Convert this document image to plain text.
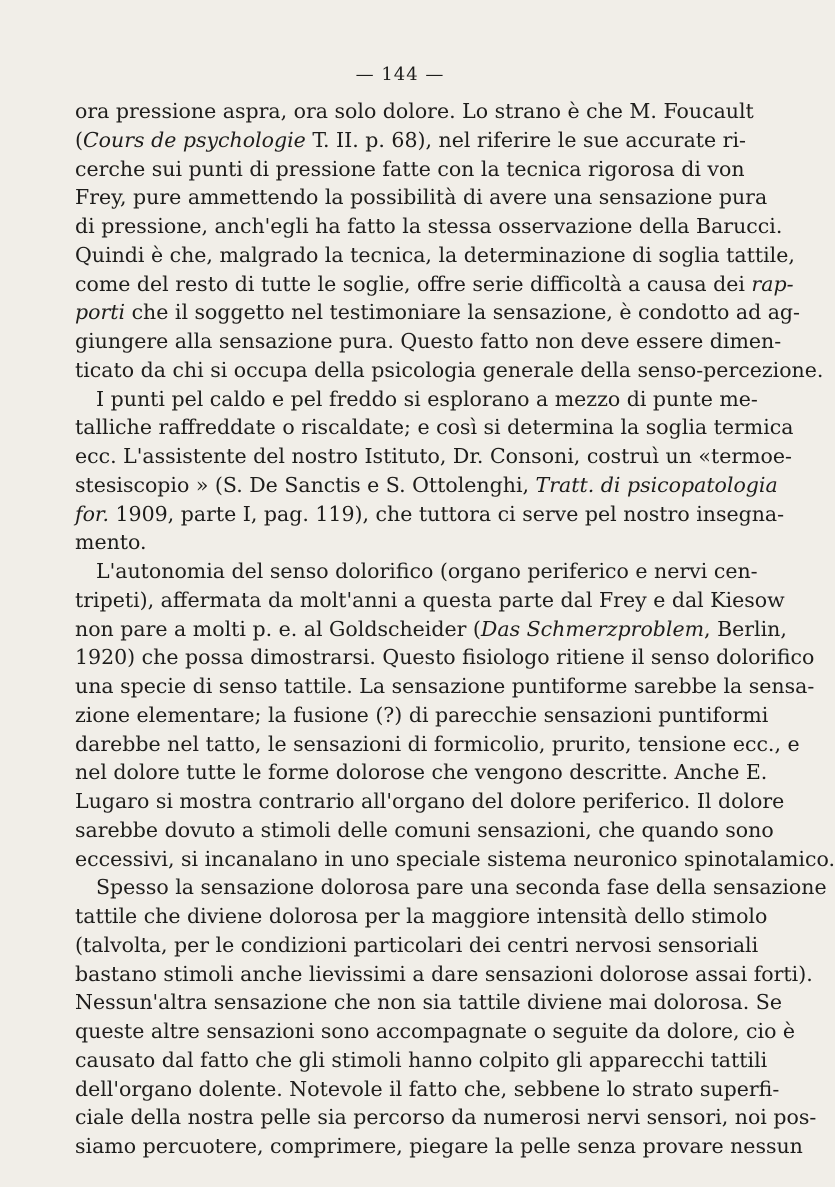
— 144 —
ora pressione aspra, ora solo dolore. Lo strano è che M. Foucault
(Cours de psychologie T. II. p. 68), nel riferire le sue accurate ri-
cerche sui punti di pressione fatte con la tecnica rigorosa di von
Frey, pure ammettendo la possibilità di avere una sensazione pura
di pressione, anch'egli ha fatto la stessa osservazione della Barucci.
Quindi è che, malgrado la tecnica, la determinazione di soglia tattile,
come del resto di tutte le soglie, offre serie difficoltà a causa dei rap-
porti che il soggetto nel testimoniare la sensazione, è condotto ad ag-
giungere alla sensazione pura. Questo fatto non deve essere dimen-
ticato da chi si occupa della psicologia generale della senso-percezione.
I punti pel caldo e pel freddo si esplorano a mezzo di punte me-
talliche raffreddate o riscaldate; e così si determina la soglia termica
ecc. L'assistente del nostro Istituto, Dr. Consoni, costruì un «termoe-
stesiscopio » (S. De Sanctis e S. Ottolenghi, Tratt. di psicopatologia
for. 1909, parte I, pag. 119), che tuttora ci serve pel nostro insegna-
mento.
L'autonomia del senso dolorifico (organo periferico e nervi cen-
tripeti), affermata da molt'anni a questa parte dal Frey e dal Kiesow
non pare a molti p. e. al Goldscheider (Das Schmerzproblem, Berlin,
1920) che possa dimostrarsi. Questo fisiologo ritiene il senso dolorifico
una specie di senso tattile. La sensazione puntiforme sarebbe la sensa-
zione elementare; la fusione (?) di parecchie sensazioni puntiformi
darebbe nel tatto, le sensazioni di formicolio, prurito, tensione ecc., e
nel dolore tutte le forme dolorose che vengono descritte. Anche E.
Lugaro si mostra contrario all'organo del dolore periferico. Il dolore
sarebbe dovuto a stimoli delle comuni sensazioni, che quando sono
eccessivi, si incanalano in uno speciale sistema neuronico spinotalamico.
Spesso la sensazione dolorosa pare una seconda fase della sensazione
tattile che diviene dolorosa per la maggiore intensità dello stimolo
(talvolta, per le condizioni particolari dei centri nervosi sensoriali
bastano stimoli anche lievissimi a dare sensazioni dolorose assai forti).
Nessun'altra sensazione che non sia tattile diviene mai dolorosa. Se
queste altre sensazioni sono accompagnate o seguite da dolore, cio è
causato dal fatto che gli stimoli hanno colpito gli apparecchi tattili
dell'organo dolente. Notevole il fatto che, sebbene lo strato superfi-
ciale della nostra pelle sia percorso da numerosi nervi sensori, noi pos-
siamo percuotere, comprimere, piegare la pelle senza provare nessun
